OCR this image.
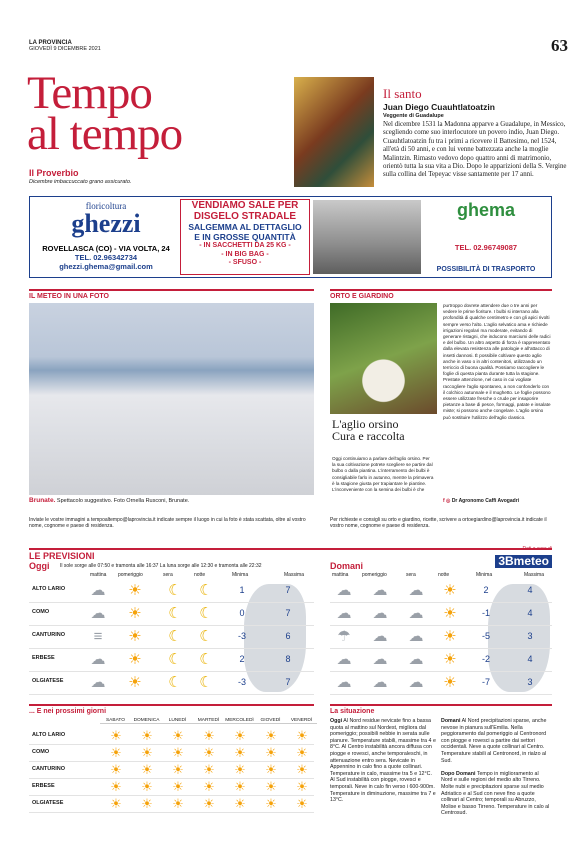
LA PROVINCIA
GIOVEDÌ 9 DICEMBRE 2021	63
Tempo
al tempo
Il Proverbio
Dicembre imbaccuccato grano assicurato.
Il santo
Juan Diego Cuauhtlatoatzin
Veggente di Guadalupe
Nel dicembre 1531 la Madonna apparve a Guadalupe, in Messico, scegliendo come suo interlocutore un povero indio, Juan Diego. Cuauhtlatoatzin fu tra i primi a ricevere il Battesimo, nel 1524, all'età di 50 anni, e con lui venne battezzata anche la moglie Malintzin. Rimasto vedovo dopo quattro anni di matrimonio, orientò tutta la sua vita a Dio. Dopo le apparizioni della S. Vergine sulla collina del Tepeyac visse santamente per 17 anni.
floricoltura
ghezzi
ROVELLASCA (CO) - VIA VOLTA, 24
TEL. 02.96342734
ghezzi.ghema@gmail.com
VENDIAMO SALE PER
DISGELO STRADALE
SALGEMMA AL DETTAGLIO
E IN GROSSE QUANTITÀ
- IN SACCHETTI DA 25 KG -
- IN BIG BAG -
- SFUSO -
ghema
TEL. 02.96749087
POSSIBILITÀ DI TRASPORTO
IL METEO IN UNA FOTO
Brunate. Spettacolo suggestivo. Foto Ornella Rusconi, Brunate.
Inviate le vostre immagini a tempoaltempo@laprovincia.it indicate sempre il luogo in cui la foto è stata scattata, oltre al vostro nome, cognome e paese di residenza.
ORTO E GIARDINO
L'aglio orsino
Cura e raccolta
Oggi continuiamo a parlare dell'aglio orsino. Per la sua coltivazione potrete scegliere se partire dal bulbo o dalla piantina. L'interramento dei bulbi è consigliabile farlo in autunno, mentre la primavera è la stagione giusta per trapiantare le piantine. L'inconveniente con la semina dei bulbi è che
purtroppo dovrete attendere due o tre anni per vedere le prime fioriture. I bulbi si interrano alla profondità di qualche centimetro e con gli apici rivolti sempre verso l'alto. L'aglio selvatico ama e richiede irrigazioni regolari ma moderate, evitando di generare ristagni, che inducono marciumi delle radici e del bulbo. Un altro aspetto di forza è rappresentato dalla elevata resistenza alle patologie e all'attacco di insetti dannosi. È possibile coltivare questo aglio anche in vaso o in altri contenitori, utilizzando un terriccio di buona qualità. Possiamo raccogliere le foglie di questa pianta durante tutta la stagione. Prestate attenzione, nel caso in cui vogliate raccogliere l'aglio spontaneo, a non confonderlo con il colchico autunnale e il mughetto. Le foglie possono essere utilizzate fresche o crude per insaporire pietanze a base di pesce, formaggi, patate e insalate miste; si possono anche congelare. L'aglio orsino può sostituire l'utilizzo dell'aglio classico.
f ◎ Dr Agronomo Caffi Avogadri
Per richieste e consigli su orto e giardino, ricette, scrivere a ortoegiardino@laprovincia.it indicate il vostro nome, cognome e paese di residenza.
LE PREVISIONI
Dati a cura di
3Bmeteo
Oggi Il sole sorge alle 07:50 e tramonta alle 16:37 La luna sorge alle 12:30 e tramonta alle 22:32	Domani
mattina pomeriggio	sera	notte	Minima	Massima	mattina	pomeriggio	sera	notte	Minima	Massima
... E nei prossimi giorni	La situazione
Oggi Al Nord residue nevicate fino a bassa quota al mattino sul Nordest, migliora dal pomeriggio; possibili nebbie in serata sulle pianure. Temperature stabili, massime tra 4 e 8°C. Al Centro instabilità ancora diffusa con piogge e rovesci, anche temporaleschi, in attenuazione entro sera. Nevicate in Appennino in calo fino a quote collinari. Temperature in calo, massime tra 5 e 12°C. Al Sud instabilità con piogge, rovesci e temporali. Neve in calo fin verso i 600-900m. Temperature in diminuzione, massime tra 7 e 13°C.
Domani Al Nord precipitazioni sparse, anche nevose in pianura sull'Emilia. Nella peggioramento dal pomeriggio al Centronord con piogge e rovesci a partire dai settori occidentali. Neve a quote collinari al Centro. Temperature stabili al Centronord, in rialzo al Sud.

Dopo Domani Tempo in miglioramento al Nord e sulle regioni del medio alto Tirreno. Molte nubi e precipitazioni sparse sul medio Adriatico e al Sud con neve fino a quote collinari al Centro; temporali su Abruzzo, Molise e basso Tirreno. Temperature in calo al Centrosud.
ALTO LARIO	☁ ☀ ☾ ☾	1	7
COMO	☁ ☀ ☾ ☾	0	7
CANTURINO	≡	☀ ☾ ☾	-3	6
ERBESE	☁ ☀ ☾ ☾	2	8
OLGIATESE	☁ ☀ ☾ ☾	-3	7
☁ ☁ ☁ ☀	2	4
☁ ☁ ☁ ☀	-1	4
☂ ☁ ☁ ☀	-5	3
☁ ☁ ☁ ☀	-2	4
☁ ☁ ☁ ☀	-7	3
SABATO	DOMENICA	LUNEDÌ	MARTEDÌ	MERCOLEDÌ	GIOVEDÌ	VENERDÌ
ALTO LARIO	☀	☀	☀	☀	☀	☀	☀
COMO	☀	☀	☀	☀	☀	☀	☀
CANTURINO	☀	☀	☀	☀	☀	☀	☀
ERBESE	☀	☀	☀	☀	☀	☀	☀
OLGIATESE	☀	☀	☀	☀	☀	☀	☀
